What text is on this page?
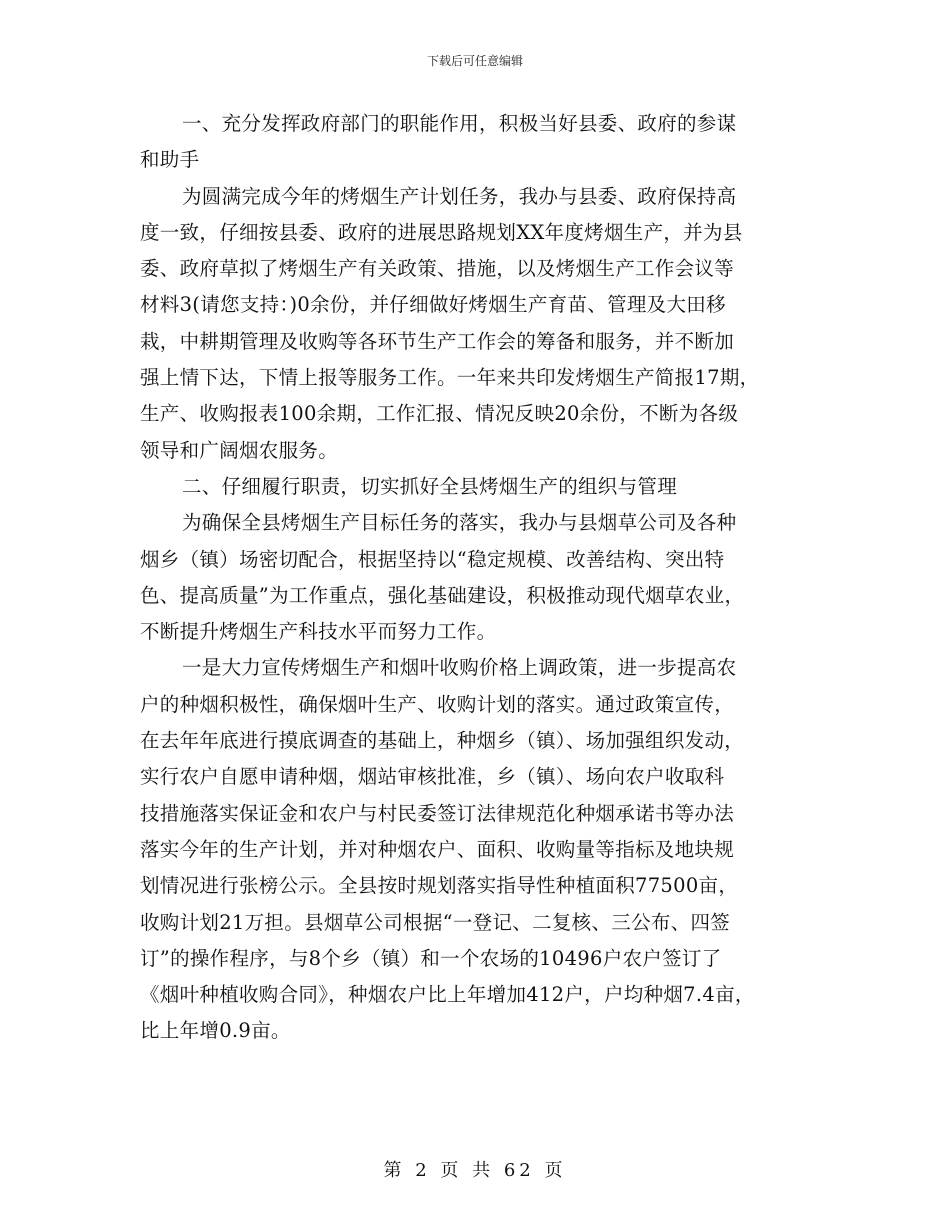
下载后可任意编辑
一、充分发挥政府部门的职能作用，积极当好县委、政府的参谋
和助手
为圆满完成今年的烤烟生产计划任务，我办与县委、政府保持高
度一致，仔细按县委、政府的进展思路规划XX年度烤烟生产，并为县
委、政府草拟了烤烟生产有关政策、措施，以及烤烟生产工作会议等
材料3(请您支持：)0余份，并仔细做好烤烟生产育苗、管理及大田移
栽，中耕期管理及收购等各环节生产工作会的筹备和服务，并不断加
强上情下达，下情上报等服务工作。一年来共印发烤烟生产简报17期，
生产、收购报表100余期，工作汇报、情况反映20余份，不断为各级
领导和广阔烟农服务。
二、仔细履行职责，切实抓好全县烤烟生产的组织与管理
为确保全县烤烟生产目标任务的落实，我办与县烟草公司及各种
烟乡（镇）场密切配合，根据坚持以“稳定规模、改善结构、突出特
色、提高质量”为工作重点，强化基础建设，积极推动现代烟草农业，
不断提升烤烟生产科技水平而努力工作。
一是大力宣传烤烟生产和烟叶收购价格上调政策，进一步提高农
户的种烟积极性，确保烟叶生产、收购计划的落实。通过政策宣传，
在去年年底进行摸底调查的基础上，种烟乡（镇）、场加强组织发动，
实行农户自愿申请种烟，烟站审核批准，乡（镇）、场向农户收取科
技措施落实保证金和农户与村民委签订法律规范化种烟承诺书等办法
落实今年的生产计划，并对种烟农户、面积、收购量等指标及地块规
划情况进行张榜公示。全县按时规划落实指导性种植面积77500亩，
收购计划21万担。县烟草公司根据“一登记、二复核、三公布、四签
订”的操作程序，与8个乡（镇）和一个农场的10496户农户签订了
《烟叶种植收购合同》，种烟农户比上年增加412户，户均种烟7.4亩，
比上年增0.9亩。
第 2 页 共 62 页
